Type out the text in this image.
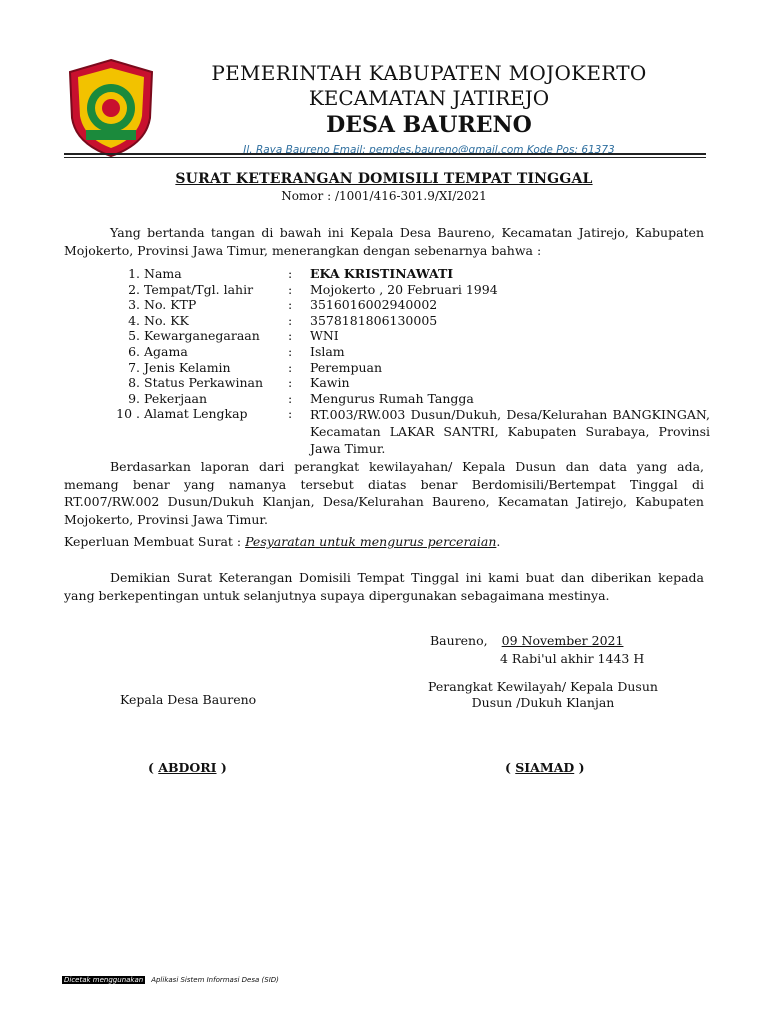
PEMERINTAH KABUPATEN MOJOKERTO
KECAMATAN JATIREJO
DESA BAURENO
Jl. Raya Baureno Email: pemdes.baureno@gmail.com Kode Pos: 61373
SURAT KETERANGAN DOMISILI TEMPAT TINGGAL
Nomor : /1001/416-301.9/XI/2021
Yang bertanda tangan di bawah ini Kepala Desa Baureno, Kecamatan Jatirejo, Kabupaten Mojokerto, Provinsi Jawa Timur, menerangkan dengan sebenarnya bahwa :
1. Nama	:	EKA KRISTINAWATI
2. Tempat/Tgl. lahir	:	Mojokerto , 20 Februari 1994
3. No. KTP	:	3516016002940002
4. No. KK	:	3578181806130005
5. Kewarganegaraan	:	WNI
6. Agama	:	Islam
7. Jenis Kelamin	:	Perempuan
8. Status Perkawinan	:	Kawin
9. Pekerjaan	:	Mengurus Rumah Tangga
10 . Alamat Lengkap	:	RT.003/RW.003 Dusun/Dukuh, Desa/Kelurahan BANGKINGAN, Kecamatan LAKAR SANTRI, Kabupaten Surabaya, Provinsi Jawa Timur.
Berdasarkan laporan dari perangkat kewilayahan/ Kepala Dusun dan data yang ada, memang benar yang namanya tersebut diatas benar Berdomisili/Bertempat Tinggal di RT.007/RW.002 Dusun/Dukuh Klanjan, Desa/Kelurahan Baureno, Kecamatan Jatirejo, Kabupaten Mojokerto, Provinsi Jawa Timur.
Keperluan Membuat Surat : Pesyaratan untuk mengurus perceraian.
Demikian Surat Keterangan Domisili Tempat Tinggal ini kami buat dan diberikan kepada yang berkepentingan untuk selanjutnya supaya dipergunakan sebagaimana mestinya.
Baureno, 09 November 2021
4 Rabi'ul akhir 1443 H
Kepala Desa Baureno
Perangkat Kewilayah/ Kepala Dusun
Dusun /Dukuh Klanjan
( ABDORI )	( SIAMAD )
Dicetak menggunakan Aplikasi Sistem Informasi Desa (SID)
